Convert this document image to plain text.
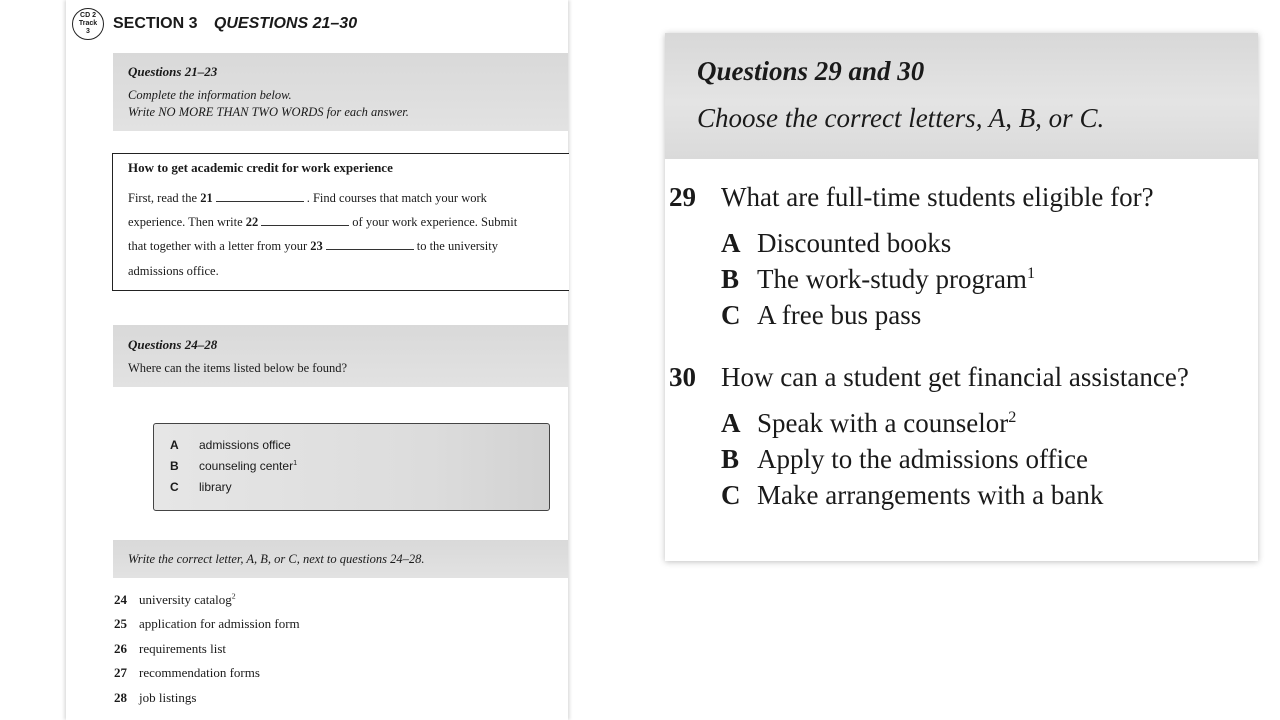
CD 2
Track
3 SECTION 3 QUESTIONS 21–30
Questions 21–23
Complete the information below.
Write NO MORE THAN TWO WORDS for each answer.
How to get academic credit for work experience
First, read the 21	. Find courses that match your work
experience. Then write 22	of your work experience. Submit
that together with a letter from your 23	to the university
admissions office.
Questions 24–28
Where can the items listed below be found?
A admissions office
B counseling center$^1$
C library
Write the correct letter, A, B, or C, next to questions 24–28.
24 university catalog$^2$
25 application for admission form
26 requirements list
27 recommendation forms
28 job listings
Questions 29 and 30
Choose the correct letters, A, B, or C.
29 What are full-time students eligible for?
A Discounted books
B The work-study program$^1$
C A free bus pass
30 How can a student get financial assistance?
A Speak with a counselor$^2$
B Apply to the admissions office
C Make arrangements with a bank
